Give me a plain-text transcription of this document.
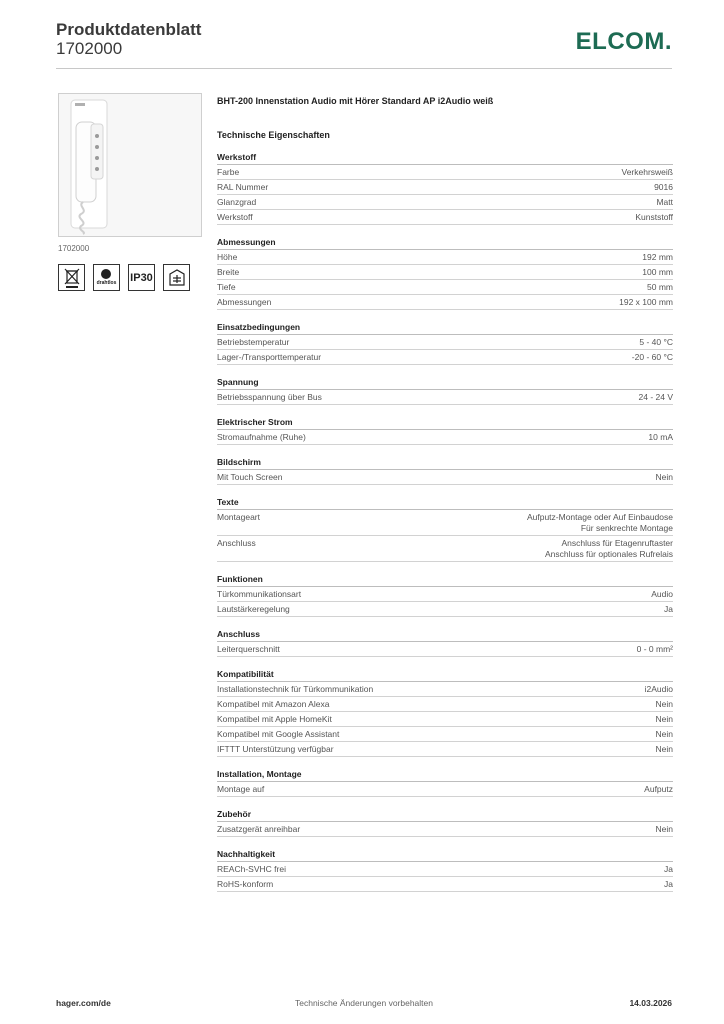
Produktdatenblatt
1702000	ELCOM.
1702000
drahtlos IP30
BHT-200 Innenstation Audio mit Hörer Standard AP i2Audio weiß
Technische Eigenschaften
Werkstoff
Farbe	Verkehrsweiß
RAL Nummer	9016
Glanzgrad	Matt
Werkstoff	Kunststoff
Abmessungen
Höhe	192 mm
Breite	100 mm
Tiefe	50 mm
Abmessungen	192 x 100 mm
Einsatzbedingungen
Betriebstemperatur	5 - 40 °C
Lager-/Transporttemperatur	-20 - 60 °C
Spannung
Betriebsspannung über Bus	24 - 24 V
Elektrischer Strom
Stromaufnahme (Ruhe)	10 mA
Bildschirm
Mit Touch Screen	Nein
Texte
Montageart	Aufputz-Montage oder Auf Einbaudose
Für senkrechte Montage
Anschluss	Anschluss für Etagenruftaster
Anschluss für optionales Rufrelais
Funktionen
Türkommunikationsart	Audio
Lautstärkeregelung	Ja
Anschluss
Leiterquerschnitt	0 - 0 mm²
Kompatibilität
Installationstechnik für Türkommunikation	i2Audio
Kompatibel mit Amazon Alexa	Nein
Kompatibel mit Apple HomeKit	Nein
Kompatibel mit Google Assistant	Nein
IFTTT Unterstützung verfügbar	Nein
Installation, Montage
Montage auf	Aufputz
Zubehör
Zusatzgerät anreihbar	Nein
Nachhaltigkeit
REACh-SVHC frei	Ja
RoHS-konform	Ja
hager.com/de	Technische Änderungen vorbehalten	14.03.2026
